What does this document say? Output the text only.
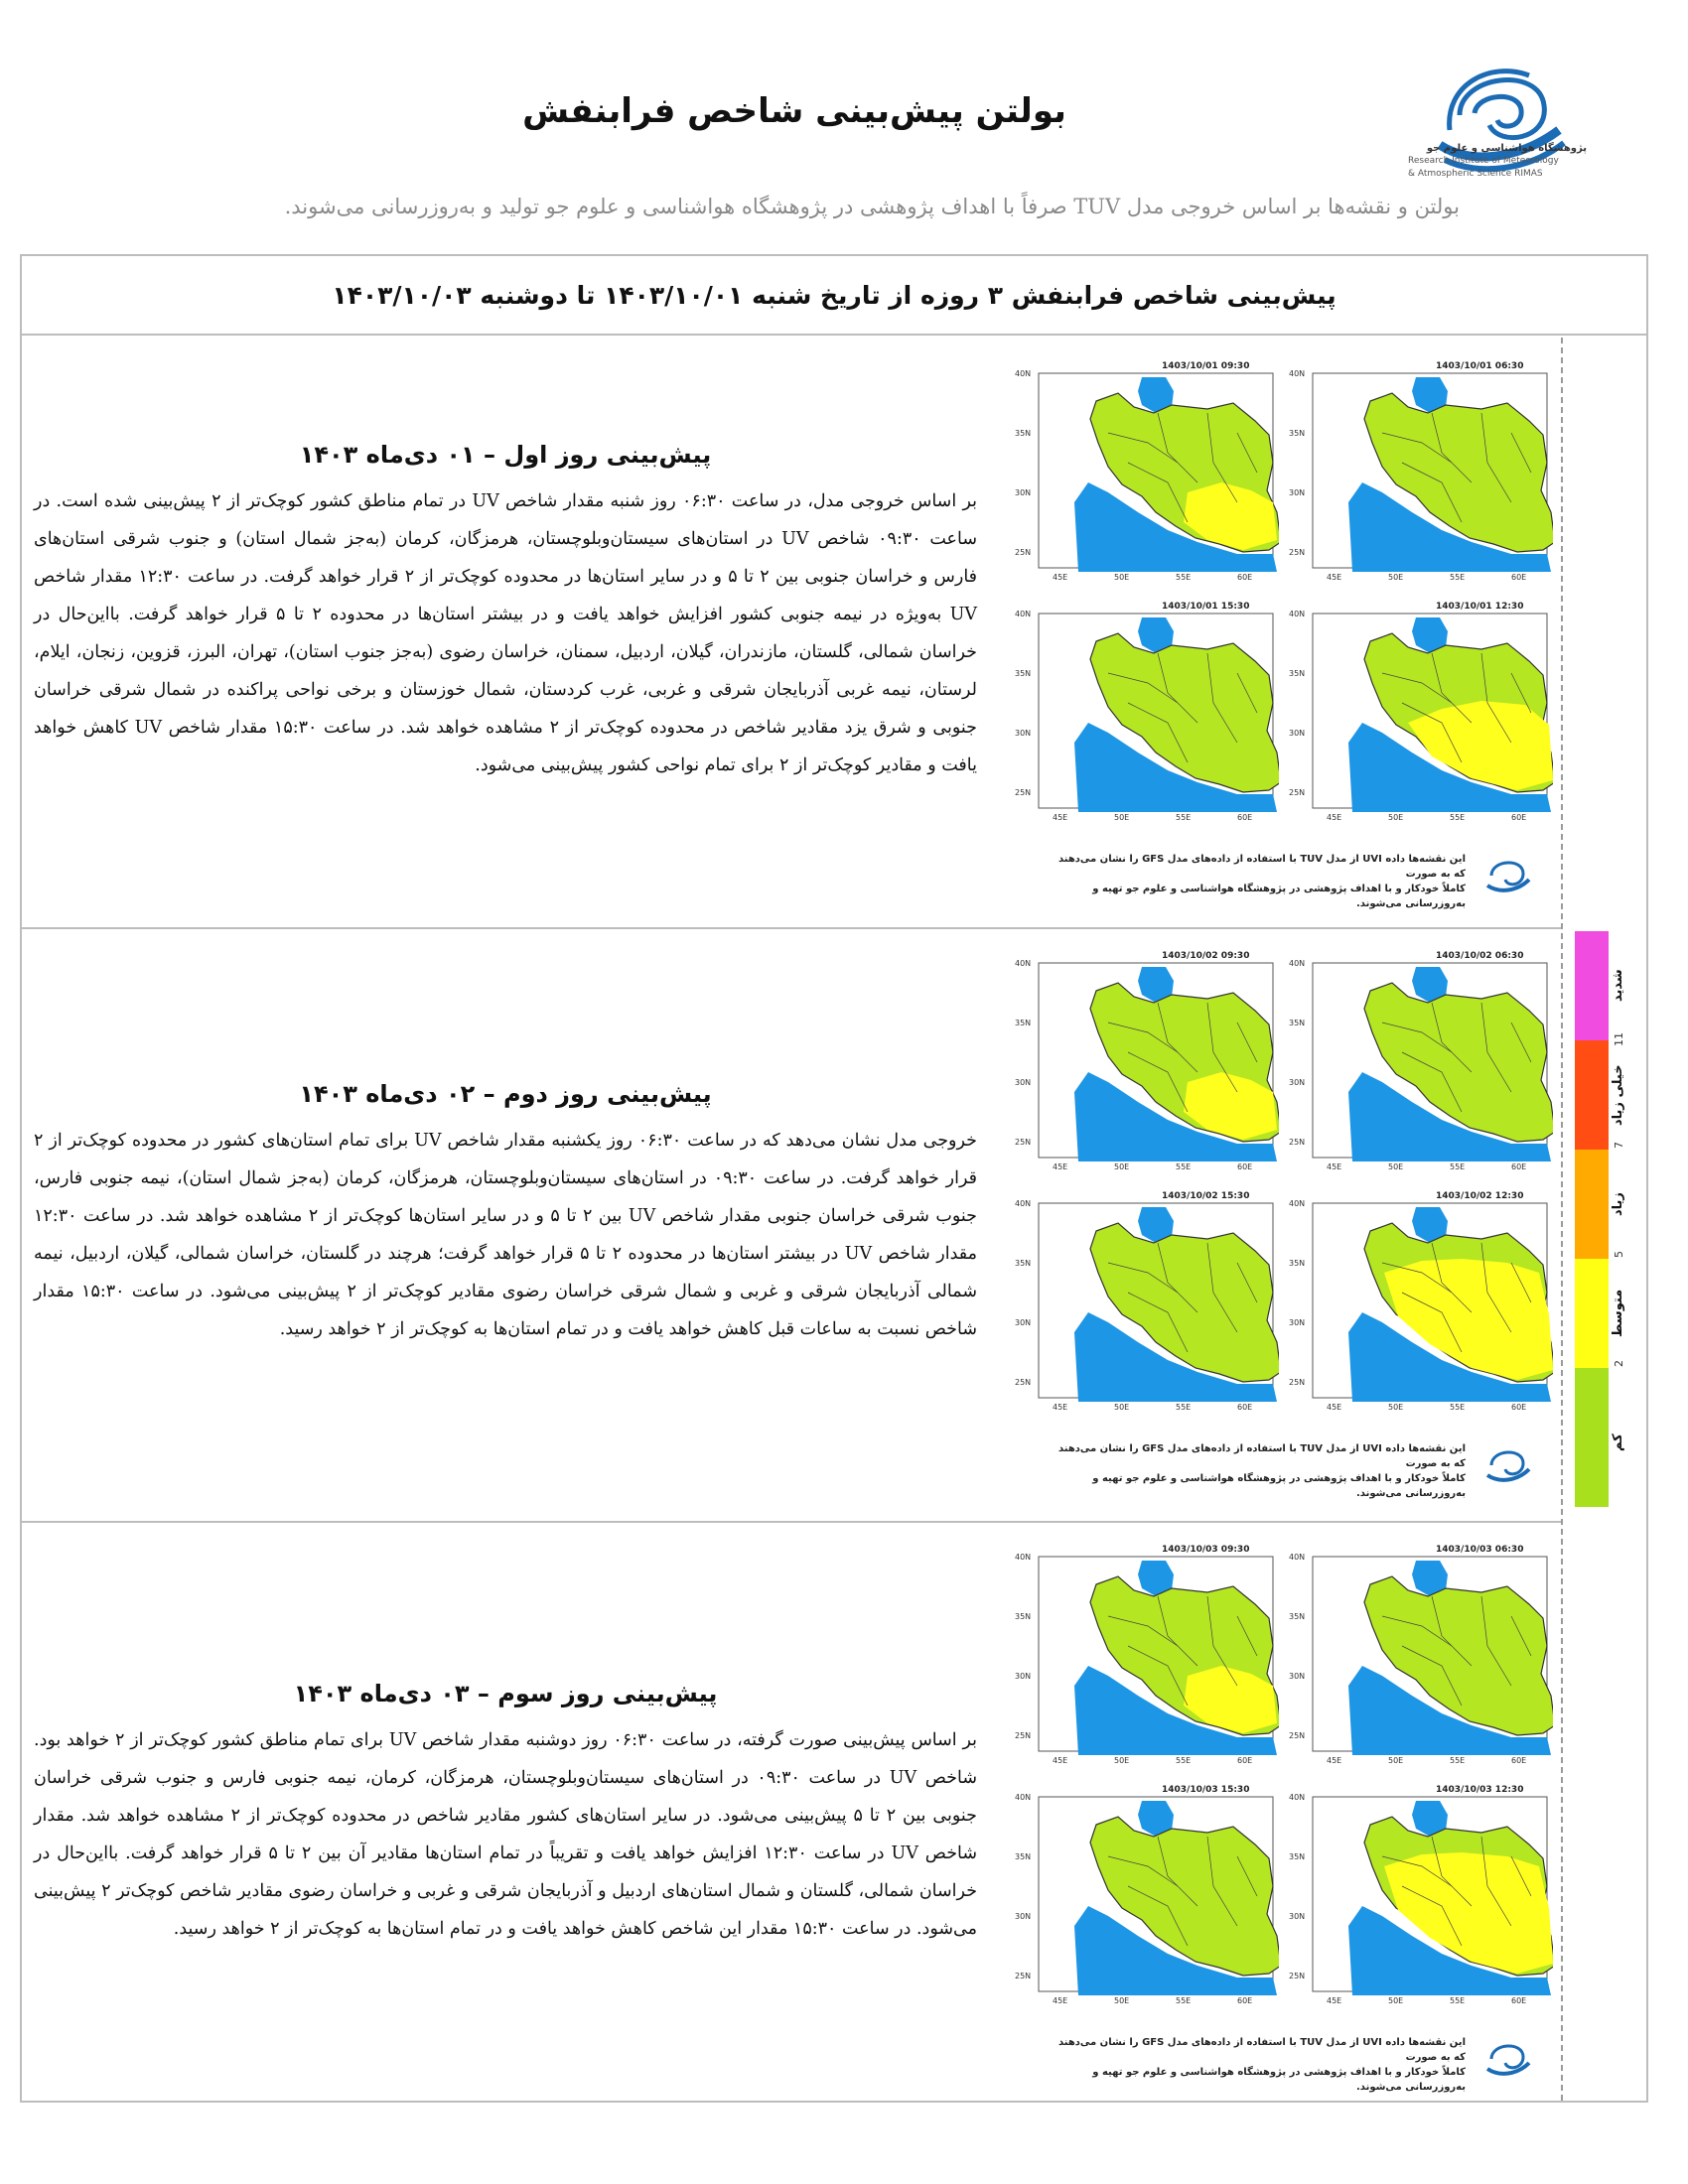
بولتن پیش‌بینی شاخص فرابنفش
پژوهشگاه هواشناسی و علوم جو
Research Institute of Meteorology
& Atmospheric Science RIMAS
بولتن و نقشه‌ها بر اساس خروجی مدل TUV صرفاً با اهداف پژوهشی در پژوهشگاه هواشناسی و علوم جو تولید و به‌روزرسانی می‌شوند.
پیش‌بینی شاخص فرابنفش ۳ روزه از تاریخ شنبه ۱۴۰۳/۱۰/۰۱ تا دوشنبه ۱۴۰۳/۱۰/۰۳
پیش‌بینی روز اول – ۰۱ دی‌ماه ۱۴۰۳
بر اساس خروجی مدل، در ساعت ۰۶:۳۰ روز شنبه مقدار شاخص UV در تمام مناطق کشور کوچک‌تر از ۲ پیش‌بینی شده است. در ساعت ۰۹:۳۰ شاخص UV در استان‌های سیستان‌وبلوچستان، هرمزگان، کرمان (به‌جز شمال استان) و جنوب شرقی استان‌های فارس و خراسان جنوبی بین ۲ تا ۵ و در سایر استان‌ها در محدوده کوچک‌تر از ۲ قرار خواهد گرفت. در ساعت ۱۲:۳۰ مقدار شاخص UV به‌ویژه در نیمه جنوبی کشور افزایش خواهد یافت و در بیشتر استان‌ها در محدوده ۲ تا ۵ قرار خواهد گرفت. بااین‌حال در خراسان شمالی، گلستان، مازندران، گیلان، اردبیل، سمنان، خراسان رضوی (به‌جز جنوب استان)، تهران، البرز، قزوین، زنجان، ایلام، لرستان، نیمه غربی آذربایجان شرقی و غربی، غرب کردستان، شمال خوزستان و برخی نواحی پراکنده در شمال شرقی خراسان جنوبی و شرق یزد مقادیر شاخص در محدوده کوچک‌تر از ۲ مشاهده خواهد شد. در ساعت ۱۵:۳۰ مقدار شاخص UV کاهش خواهد یافت و مقادیر کوچک‌تر از ۲ برای تمام نواحی کشور پیش‌بینی می‌شود.
40N
35N
30N
25N
45E	50E	55E	60E
1403/10/01 06:30
40N
35N
30N
25N
45E	50E	55E	60E
1403/10/01 09:30
40N
35N
30N
25N
45E	50E	55E	60E
1403/10/01 12:30
40N
35N
30N
25N
45E	50E	55E	60E
1403/10/01 15:30
این نقشه‌ها داده UVI از مدل TUV با استفاده از داده‌های مدل GFS را نشان می‌دهند که به صورت
کاملاً خودکار و با اهداف پژوهشی در پژوهشگاه هواشناسی و علوم جو تهیه و به‌روزرسانی می‌شوند.
پیش‌بینی روز دوم – ۰۲ دی‌ماه ۱۴۰۳
خروجی مدل نشان می‌دهد که در ساعت ۰۶:۳۰ روز یکشنبه مقدار شاخص UV برای تمام استان‌های کشور در محدوده کوچک‌تر از ۲ قرار خواهد گرفت. در ساعت ۰۹:۳۰ در استان‌های سیستان‌وبلوچستان، هرمزگان، کرمان (به‌جز شمال استان)، نیمه جنوبی فارس، جنوب شرقی خراسان جنوبی مقدار شاخص UV بین ۲ تا ۵ و در سایر استان‌ها کوچک‌تر از ۲ مشاهده خواهد شد. در ساعت ۱۲:۳۰ مقدار شاخص UV در بیشتر استان‌ها در محدوده ۲ تا ۵ قرار خواهد گرفت؛ هرچند در گلستان، خراسان شمالی، گیلان، اردبیل، نیمه شمالی آذربایجان شرقی و غربی و شمال شرقی خراسان رضوی مقادیر کوچک‌تر از ۲ پیش‌بینی می‌شود. در ساعت ۱۵:۳۰ مقدار شاخص نسبت به ساعات قبل کاهش خواهد یافت و در تمام استان‌ها به کوچک‌تر از ۲ خواهد رسید.
40N
35N
30N
25N
45E	50E	55E	60E
1403/10/02 06:30
40N
35N
30N
25N
45E	50E	55E	60E
1403/10/02 09:30
40N
35N
30N
25N
45E	50E	55E	60E
1403/10/02 12:30
40N
35N
30N
25N
45E	50E	55E	60E
1403/10/02 15:30
این نقشه‌ها داده UVI از مدل TUV با استفاده از داده‌های مدل GFS را نشان می‌دهند که به صورت
کاملاً خودکار و با اهداف پژوهشی در پژوهشگاه هواشناسی و علوم جو تهیه و به‌روزرسانی می‌شوند.
پیش‌بینی روز سوم – ۰۳ دی‌ماه ۱۴۰۳
بر اساس پیش‌بینی صورت گرفته، در ساعت ۰۶:۳۰ روز دوشنبه مقدار شاخص UV برای تمام مناطق کشور کوچک‌تر از ۲ خواهد بود. شاخص UV در ساعت ۰۹:۳۰ در استان‌های سیستان‌وبلوچستان، هرمزگان، کرمان، نیمه جنوبی فارس و جنوب شرقی خراسان جنوبی بین ۲ تا ۵ پیش‌بینی می‌شود. در سایر استان‌های کشور مقادیر شاخص در محدوده کوچک‌تر از ۲ مشاهده خواهد شد. مقدار شاخص UV در ساعت ۱۲:۳۰ افزایش خواهد یافت و تقریباً در تمام استان‌ها مقادیر آن بین ۲ تا ۵ قرار خواهد گرفت. بااین‌حال در خراسان شمالی، گلستان و شمال استان‌های اردبیل و آذربایجان شرقی و غربی و خراسان رضوی مقادیر شاخص کوچک‌تر ۲ پیش‌بینی می‌شود. در ساعت ۱۵:۳۰ مقدار این شاخص کاهش خواهد یافت و در تمام استان‌ها به کوچک‌تر از ۲ خواهد رسید.
40N
35N
30N
25N
45E	50E	55E	60E
1403/10/03 06:30
40N
35N
30N
25N
45E	50E	55E	60E
1403/10/03 09:30
40N
35N
30N
25N
45E	50E	55E	60E
1403/10/03 12:30
40N
35N
30N
25N
45E	50E	55E	60E
1403/10/03 15:30
این نقشه‌ها داده UVI از مدل TUV با استفاده از داده‌های مدل GFS را نشان می‌دهند که به صورت
کاملاً خودکار و با اهداف پژوهشی در پژوهشگاه هواشناسی و علوم جو تهیه و به‌روزرسانی می‌شوند.
شدید
خیلی زیاد
زیاد
متوسط
کم
11
7
5
2
